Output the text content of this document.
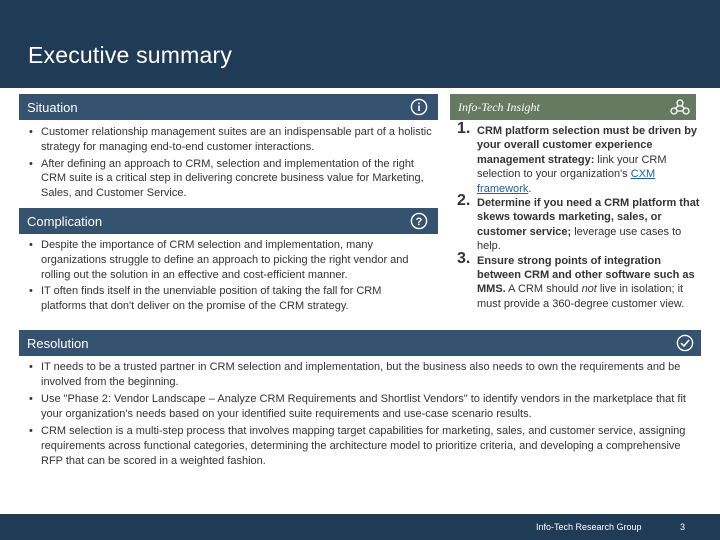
Executive summary
Situation
• Customer relationship management suites are an indispensable part of a holistic strategy for managing end-to-end customer interactions.
• After defining an approach to CRM, selection and implementation of the right CRM suite is a critical step in delivering concrete business value for Marketing, Sales, and Customer Service.
Complication	?
• Despite the importance of CRM selection and implementation, many organizations struggle to define an approach to picking the right vendor and rolling out the solution in an effective and cost-efficient manner.
• IT often finds itself in the unenviable position of taking the fall for CRM platforms that don't deliver on the promise of the CRM strategy.
Info-Tech Insight
1. CRM platform selection must be driven by your overall customer experience management strategy: link your CRM selection to your organization's CXM framework.
2. Determine if you need a CRM platform that skews towards marketing, sales, or customer service; leverage use cases to help.
3. Ensure strong points of integration between CRM and other software such as MMS. A CRM should not live in isolation; it must provide a 360-degree customer view.
Resolution
• IT needs to be a trusted partner in CRM selection and implementation, but the business also needs to own the requirements and be involved from the beginning.
• Use "Phase 2: Vendor Landscape – Analyze CRM Requirements and Shortlist Vendors" to identify vendors in the marketplace that fit your organization's needs based on your identified suite requirements and use-case scenario results.
• CRM selection is a multi-step process that involves mapping target capabilities for marketing, sales, and customer service, assigning requirements across functional categories, determining the architecture model to prioritize criteria, and developing a comprehensive RFP that can be scored in a weighted fashion.
Info-Tech Research Group	3
